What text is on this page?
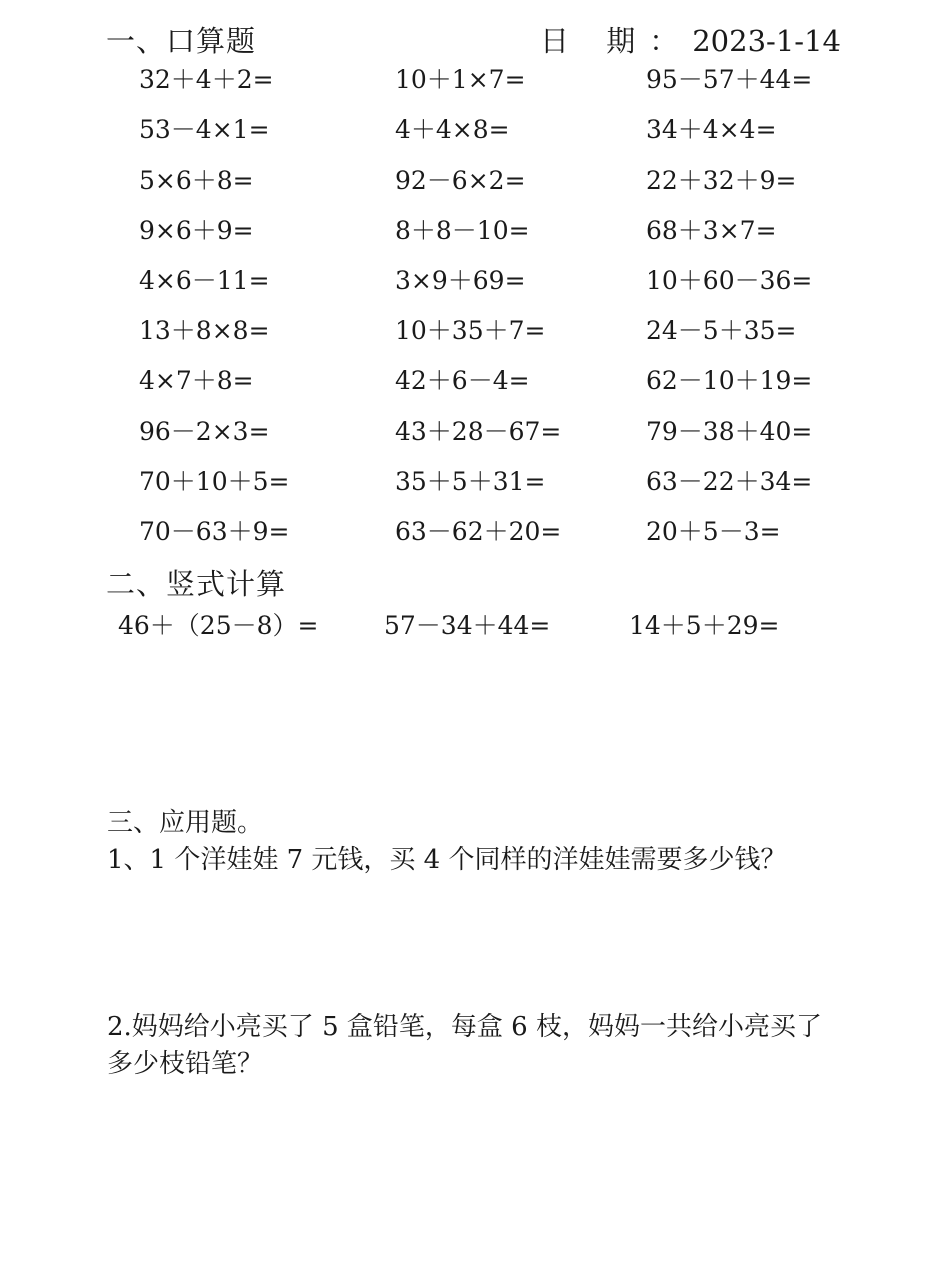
一、口算题	日 期：2023-1-14
32＋4＋2=	10＋1×7=	95－57＋44=
53－4×1=	4＋4×8=	34＋4×4=
5×6＋8=	92－6×2=	22＋32＋9=
9×6＋9=	8＋8－10=	68＋3×7=
4×6－11=	3×9＋69=	10＋60－36=
13＋8×8=	10＋35＋7=	24－5＋35=
4×7＋8=	42＋6－4=	62－10＋19=
96－2×3=	43＋28－67=	79－38＋40=
70＋10＋5=	35＋5＋31=	63－22＋34=
70－63＋9=	63－62＋20=	20＋5－3=
二、竖式计算
46＋（25－8）=	57－34＋44=	14＋5＋29=
三、应用题。
1、1 个洋娃娃 7 元钱，买 4 个同样的洋娃娃需要多少钱？
2.妈妈给小亮买了 5 盒铅笔，每盒 6 枝，妈妈一共给小亮买了
多少枝铅笔？
